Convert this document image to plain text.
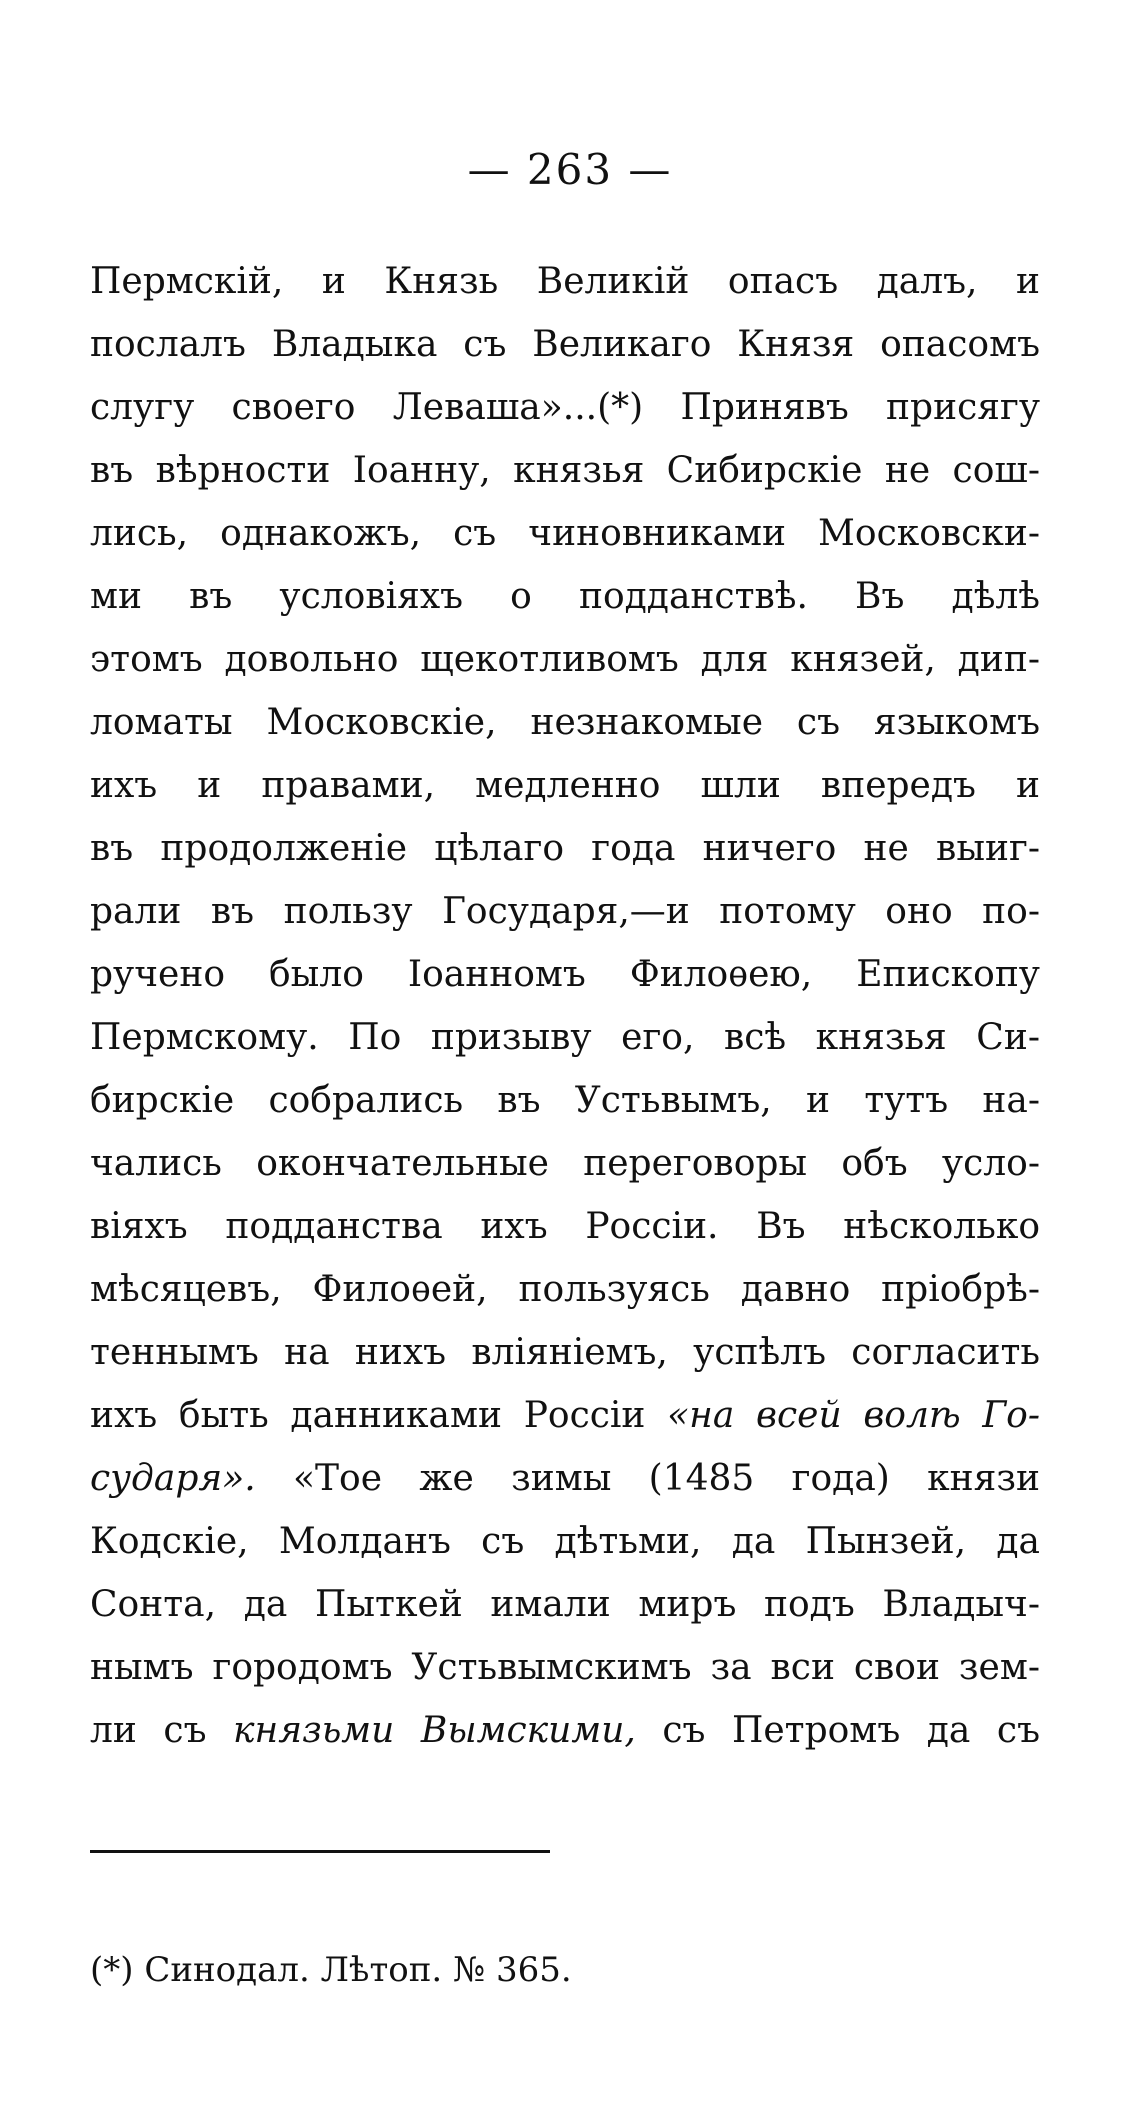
— 263 —
Пермскій, и Князь Великій опасъ далъ, и
послалъ Владыка съ Великаго Князя опасомъ
слугу своего Леваша»...(*) Принявъ присягу
въ вѣрности Іоанну, князья Сибирскіе не сош-
лись, однакожъ, съ чиновниками Московски-
ми въ условіяхъ о подданствѣ. Въ дѣлѣ
этомъ довольно щекотливомъ для князей, дип-
ломаты Московскіе, незнакомые съ языкомъ
ихъ и правами, медленно шли впередъ и
въ продолженіе цѣлаго года ничего не выиг-
рали въ пользу Государя,—и потому оно по-
ручено было Іоанномъ Филоѳею, Епископу
Пермскому. По призыву его, всѣ князья Си-
бирскіе собрались въ Устьвымъ, и тутъ на-
чались окончательные переговоры объ усло-
віяхъ подданства ихъ Россіи. Въ нѣсколько
мѣсяцевъ, Филоѳей, пользуясь давно пріобрѣ-
теннымъ на нихъ вліяніемъ, успѣлъ согласить
ихъ быть данниками Россіи «на всей волѣ Го-
сударя». «Тое же зимы (1485 года) князи
Кодскіе, Молданъ съ дѣтьми, да Пынзей, да
Сонта, да Пыткей имали миръ подъ Владыч-
нымъ городомъ Устьвымскимъ за вси свои зем-
ли съ князьми Вымскими, съ Петромъ да съ
(*) Синодал. Лѣтоп. № 365.
